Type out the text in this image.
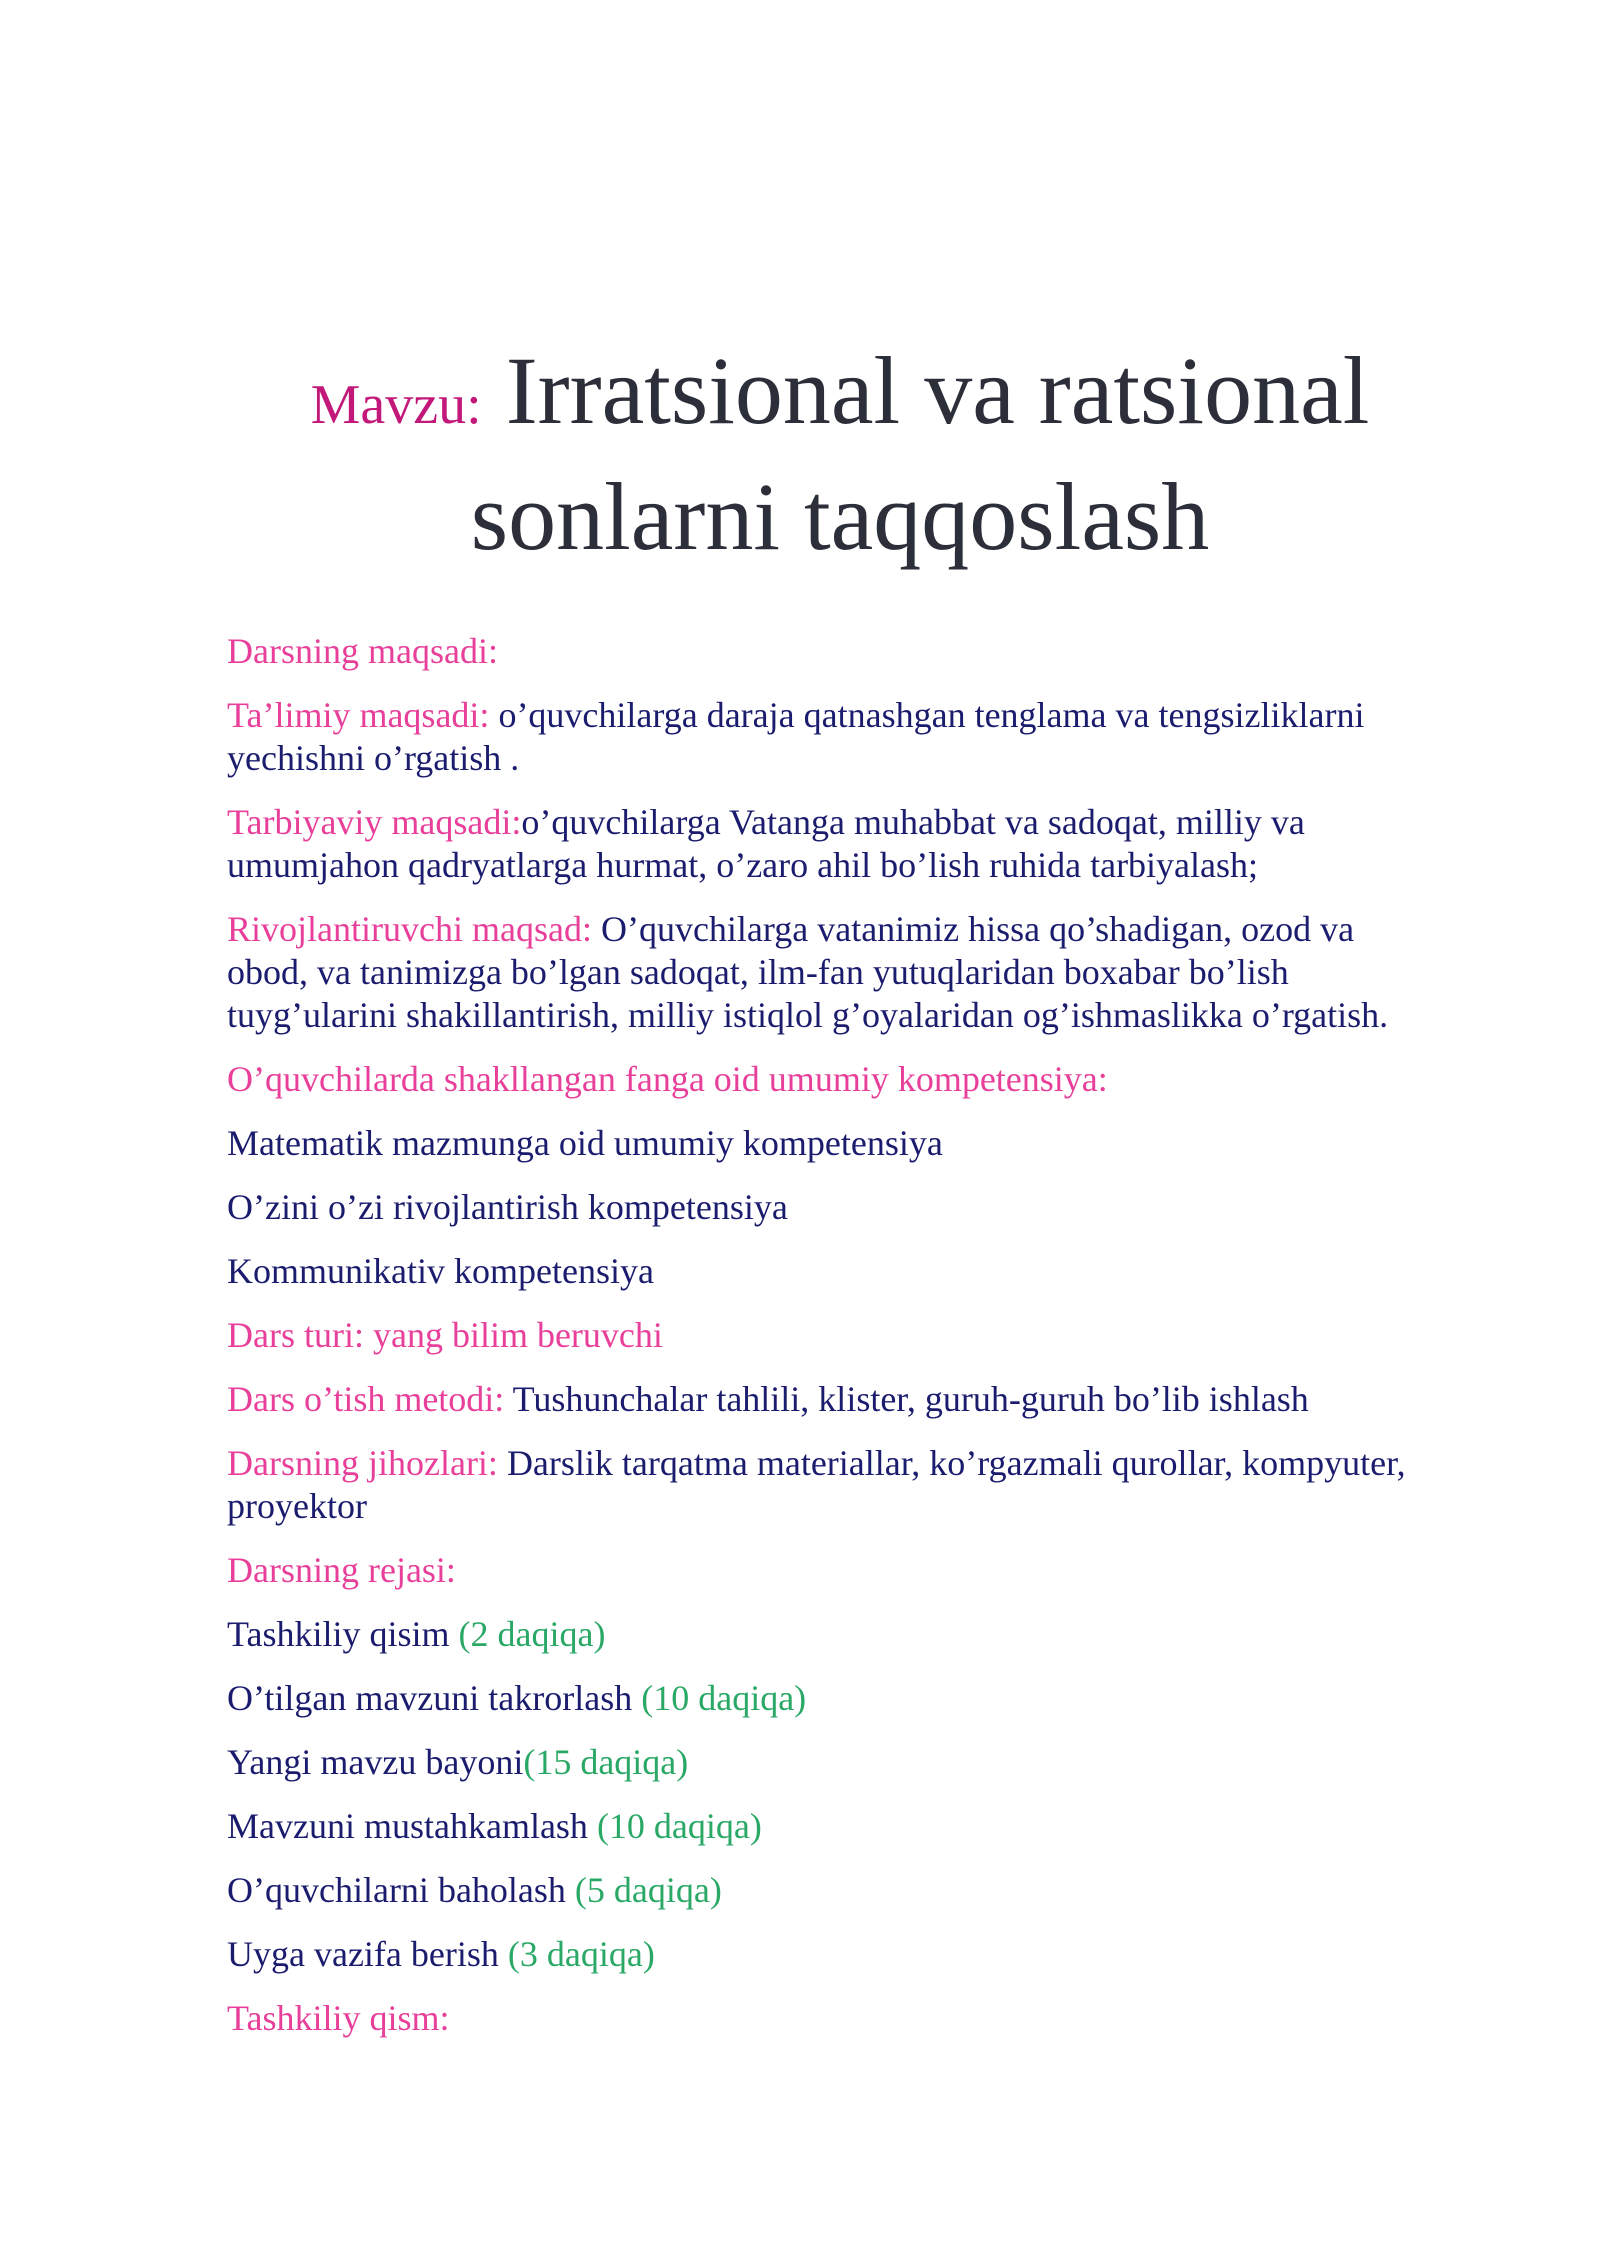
Mavzu: Irratsional va ratsional
sonlarni taqqoslash

Darsning maqsadi:

Ta’limiy maqsadi: o’quvchilarga daraja qatnashgan tenglama va tengsizliklarni
yechishni o’rgatish .

Tarbiyaviy maqsadi:o’quvchilarga Vatanga muhabbat va sadoqat, milliy va
umumjahon qadryatlarga hurmat, o’zaro ahil bo’lish ruhida tarbiyalash;

Rivojlantiruvchi maqsad: O’quvchilarga vatanimiz hissa qo’shadigan, ozod va
obod, va tanimizga bo’lgan sadoqat, ilm-fan yutuqlaridan boxabar bo’lish
tuyg’ularini shakillantirish, milliy istiqlol g’oyalaridan og’ishmaslikka o’rgatish.

O’quvchilarda shakllangan fanga oid umumiy kompetensiya:

Matematik mazmunga oid umumiy kompetensiya

O’zini o’zi rivojlantirish kompetensiya

Kommunikativ kompetensiya

Dars turi: yang bilim beruvchi

Dars o’tish metodi: Tushunchalar tahlili, klister, guruh-guruh bo’lib ishlash

Darsning jihozlari: Darslik tarqatma materiallar, ko’rgazmali qurollar, kompyuter,
proyektor

Darsning rejasi:

Tashkiliy qisim (2 daqiqa)

O’tilgan mavzuni takrorlash (10 daqiqa)

Yangi mavzu bayoni(15 daqiqa)

Mavzuni mustahkamlash (10 daqiqa)

O’quvchilarni baholash (5 daqiqa)

Uyga vazifa berish (3 daqiqa)

Tashkiliy qism:
